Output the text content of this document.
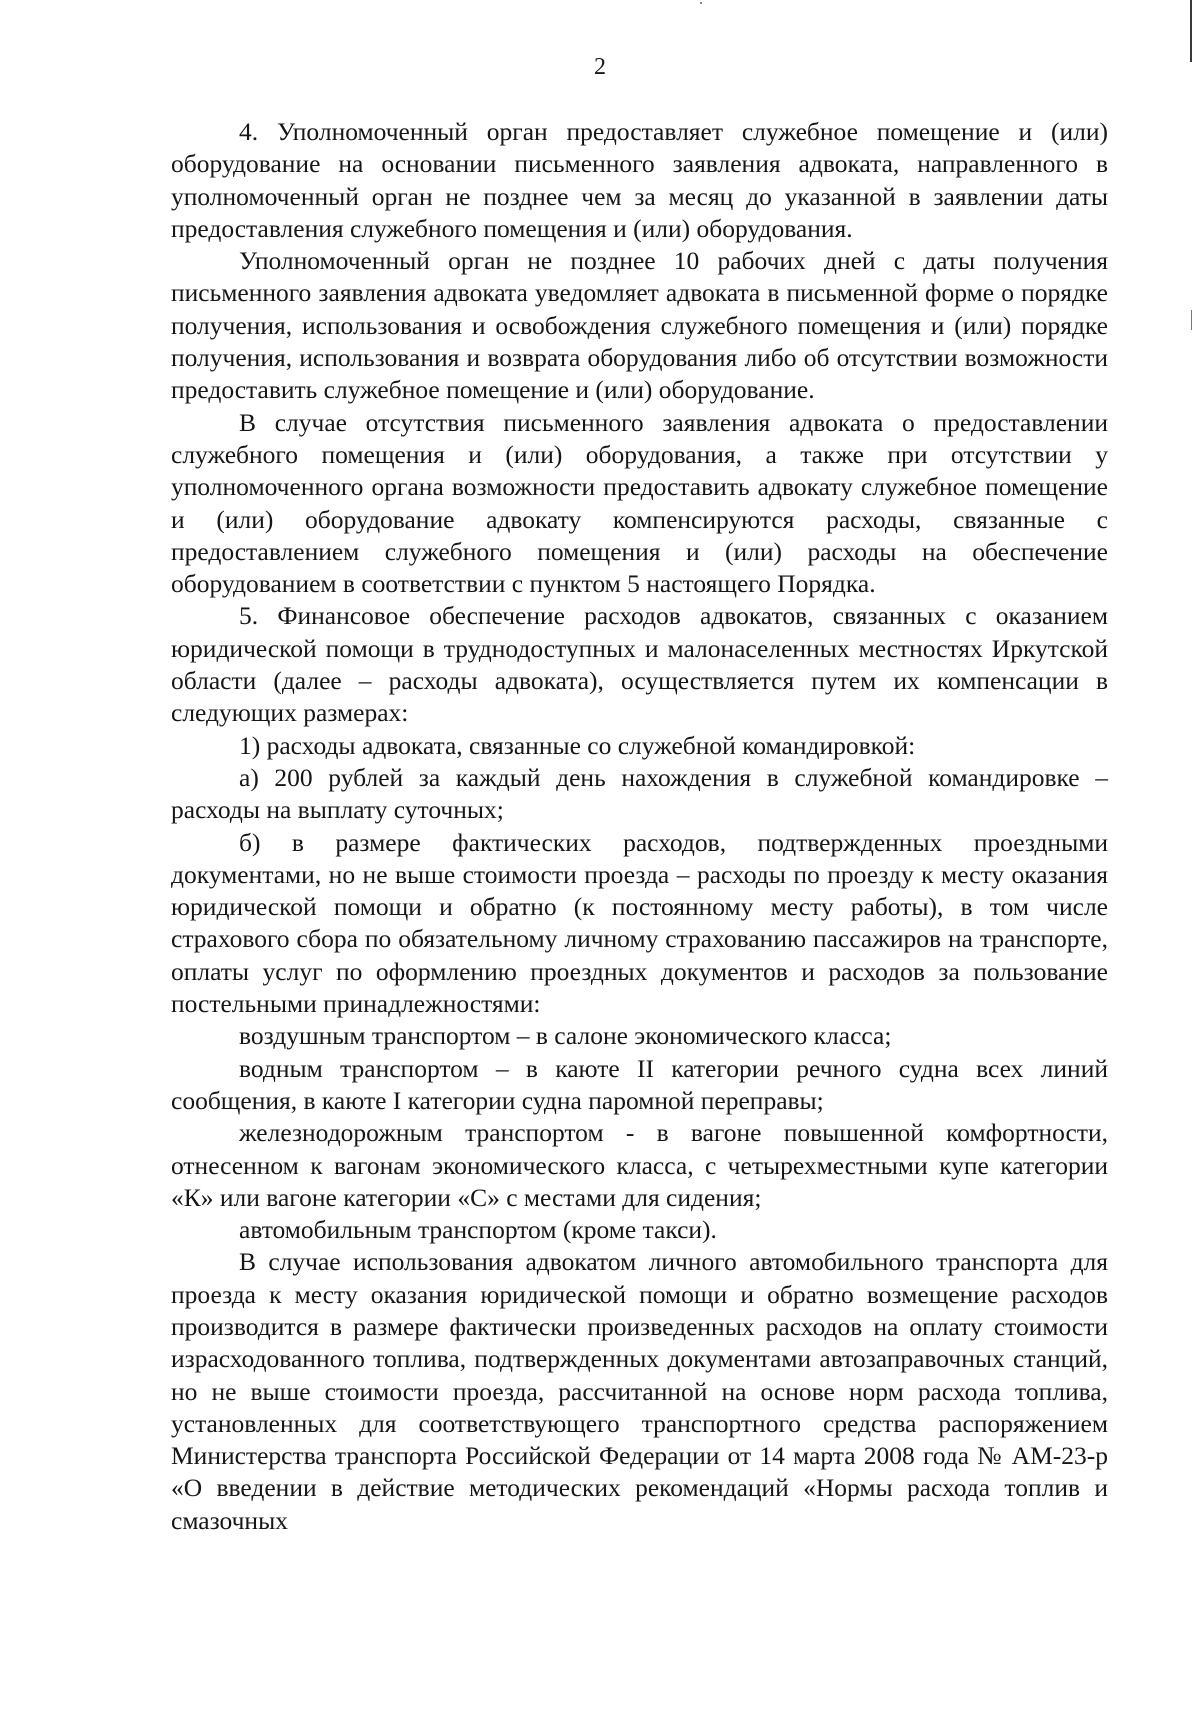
2

4. Уполномоченный орган предоставляет служебное помещение и (или) оборудование на основании письменного заявления адвоката, направленного в уполномоченный орган не позднее чем за месяц до указанной в заявлении даты предоставления служебного помещения и (или) оборудования.

Уполномоченный орган не позднее 10 рабочих дней с даты получения письменного заявления адвоката уведомляет адвоката в письменной форме о порядке получения, использования и освобождения служебного помещения и (или) порядке получения, использования и возврата оборудования либо об отсутствии возможности предоставить служебное помещение и (или) оборудование.

В случае отсутствия письменного заявления адвоката о предоставлении служебного помещения и (или) оборудования, а также при отсутствии у уполномоченного органа возможности предоставить адвокату служебное помещение и (или) оборудование адвокату компенсируются расходы, связанные с предоставлением служебного помещения и (или) расходы на обеспечение оборудованием в соответствии с пунктом 5 настоящего Порядка.

5. Финансовое обеспечение расходов адвокатов, связанных с оказанием юридической помощи в труднодоступных и малонаселенных местностях Иркутской области (далее – расходы адвоката), осуществляется путем их компенсации в следующих размерах:

1) расходы адвоката, связанные со служебной командировкой:

а) 200 рублей за каждый день нахождения в служебной командировке – расходы на выплату суточных;

б) в размере фактических расходов, подтвержденных проездными документами, но не выше стоимости проезда – расходы по проезду к месту оказания юридической помощи и обратно (к постоянному месту работы), в том числе страхового сбора по обязательному личному страхованию пассажиров на транспорте, оплаты услуг по оформлению проездных документов и расходов за пользование постельными принадлежностями:

воздушным транспортом – в салоне экономического класса;

водным транспортом – в каюте II категории речного судна всех линий сообщения, в каюте I категории судна паромной переправы;

железнодорожным транспортом - в вагоне повышенной комфортности, отнесенном к вагонам экономического класса, с четырехместными купе категории «К» или вагоне категории «С» с местами для сидения;

автомобильным транспортом (кроме такси).

В случае использования адвокатом личного автомобильного транспорта для проезда к месту оказания юридической помощи и обратно возмещение расходов производится в размере фактически произведенных расходов на оплату стоимости израсходованного топлива, подтвержденных документами автозаправочных станций, но не выше стоимости проезда, рассчитанной на основе норм расхода топлива, установленных для соответствующего транспортного средства распоряжением Министерства транспорта Российской Федерации от 14 марта 2008 года № АМ-23-р «О введении в действие методических рекомендаций «Нормы расхода топлив и смазочных
